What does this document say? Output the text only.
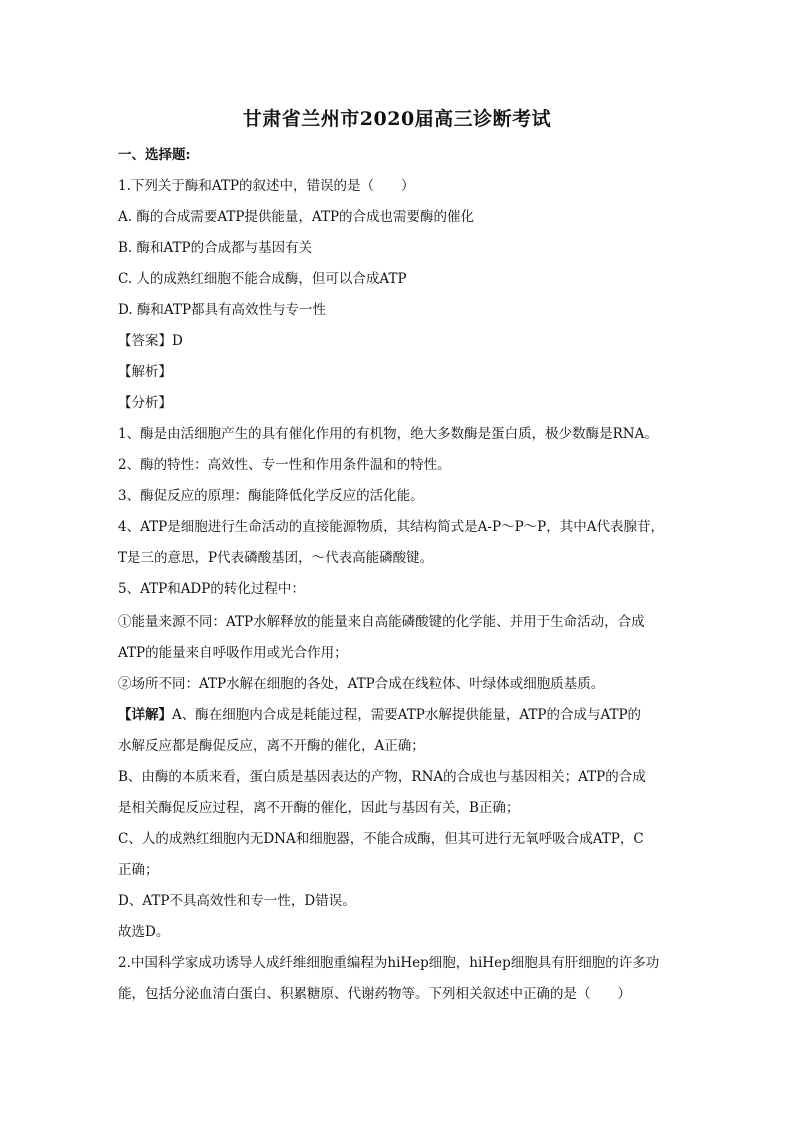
甘肃省兰州市2020届高三诊断考试
一、选择题:
1.下列关于酶和ATP的叙述中，错误的是（　　）
A. 酶的合成需要ATP提供能量，ATP的合成也需要酶的催化
B. 酶和ATP的合成都与基因有关
C. 人的成熟红细胞不能合成酶，但可以合成ATP
D. 酶和ATP都具有高效性与专一性
【答案】D
【解析】
【分析】
1、酶是由活细胞产生的具有催化作用的有机物，绝大多数酶是蛋白质，极少数酶是RNA。
2、酶的特性：高效性、专一性和作用条件温和的特性。
3、酶促反应的原理：酶能降低化学反应的活化能。
4、ATP是细胞进行生命活动的直接能源物质，其结构简式是A-P～P～P，其中A代表腺苷，
T是三的意思，P代表磷酸基团，～代表高能磷酸键。
5、ATP和ADP的转化过程中：
①能量来源不同：ATP水解释放的能量来自高能磷酸键的化学能、并用于生命活动，合成
ATP的能量来自呼吸作用或光合作用；
②场所不同：ATP水解在细胞的各处，ATP合成在线粒体、叶绿体或细胞质基质。
【详解】A、酶在细胞内合成是耗能过程，需要ATP水解提供能量，ATP的合成与ATP的
水解反应都是酶促反应，离不开酶的催化，A正确；
B、由酶的本质来看，蛋白质是基因表达的产物，RNA的合成也与基因相关；ATP的合成
是相关酶促反应过程，离不开酶的催化，因此与基因有关，B正确；
C、人的成熟红细胞内无DNA和细胞器，不能合成酶，但其可进行无氧呼吸合成ATP，C
正确；
D、ATP不具高效性和专一性，D错误。
故选D。
2.中国科学家成功诱导人成纤维细胞重编程为hiHep细胞，hiHep细胞具有肝细胞的许多功
能，包括分泌血清白蛋白、积累糖原、代谢药物等。下列相关叙述中正确的是（　　）
